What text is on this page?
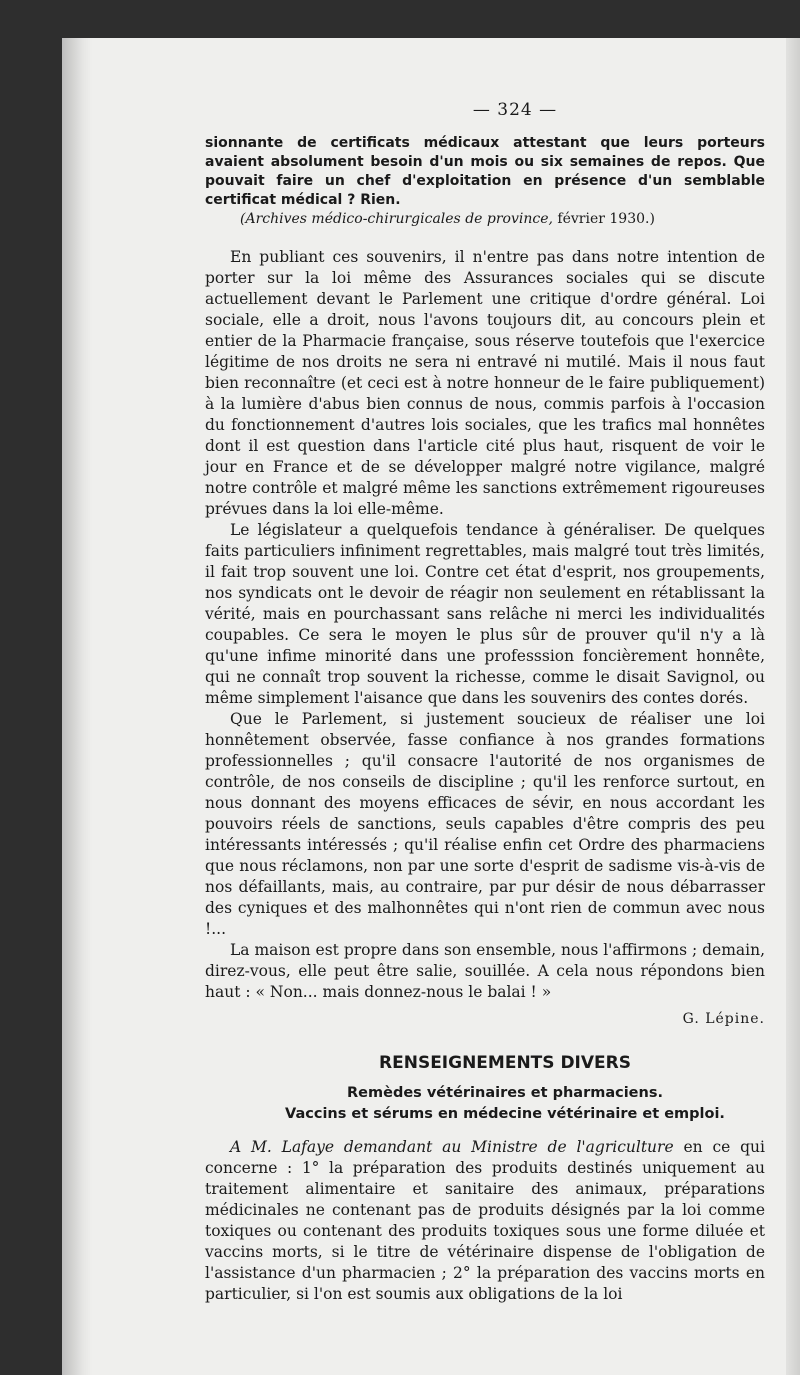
— 324 —

sionnante de certificats médicaux attestant que leurs porteurs avaient absolument besoin d'un mois ou six semaines de repos. Que pouvait faire un chef d'exploitation en présence d'un semblable certificat médical ? Rien.

(Archives médico-chirurgicales de province, février 1930.)

En publiant ces souvenirs, il n'entre pas dans notre intention de porter sur la loi même des Assurances sociales qui se discute actuellement devant le Parlement une critique d'ordre général. Loi sociale, elle a droit, nous l'avons toujours dit, au concours plein et entier de la Pharmacie française, sous réserve toutefois que l'exercice légitime de nos droits ne sera ni entravé ni mutilé. Mais il nous faut bien reconnaître (et ceci est à notre honneur de le faire publiquement) à la lumière d'abus bien connus de nous, commis parfois à l'occasion du fonctionnement d'autres lois sociales, que les trafics mal honnêtes dont il est question dans l'article cité plus haut, risquent de voir le jour en France et de se développer malgré notre vigilance, malgré notre contrôle et malgré même les sanctions extrêmement rigoureuses prévues dans la loi elle-même.

Le législateur a quelquefois tendance à généraliser. De quelques faits particuliers infiniment regrettables, mais malgré tout très limités, il fait trop souvent une loi. Contre cet état d'esprit, nos groupements, nos syndicats ont le devoir de réagir non seulement en rétablissant la vérité, mais en pourchassant sans relâche ni merci les individualités coupables. Ce sera le moyen le plus sûr de prouver qu'il n'y a là qu'une infime minorité dans une professsion foncièrement honnête, qui ne connaît trop souvent la richesse, comme le disait Savignol, ou même simplement l'aisance que dans les souvenirs des contes dorés.

Que le Parlement, si justement soucieux de réaliser une loi honnêtement observée, fasse confiance à nos grandes formations professionnelles ; qu'il consacre l'autorité de nos organismes de contrôle, de nos conseils de discipline ; qu'il les renforce surtout, en nous donnant des moyens efficaces de sévir, en nous accordant les pouvoirs réels de sanctions, seuls capables d'être compris des peu intéressants intéressés ; qu'il réalise enfin cet Ordre des pharmaciens que nous réclamons, non par une sorte d'esprit de sadisme vis-à-vis de nos défaillants, mais, au contraire, par pur désir de nous débarrasser des cyniques et des malhonnêtes qui n'ont rien de commun avec nous !...

La maison est propre dans son ensemble, nous l'affirmons ; demain, direz-vous, elle peut être salie, souillée. A cela nous répondons bien haut : « Non... mais donnez-nous le balai ! »

G. Lépine.
RENSEIGNEMENTS DIVERS
Remèdes vétérinaires et pharmaciens.
Vaccins et sérums en médecine vétérinaire et emploi.

A M. Lafaye demandant au Ministre de l'agriculture en ce qui concerne : 1° la préparation des produits destinés uniquement au traitement alimentaire et sanitaire des animaux, préparations médicinales ne contenant pas de produits désignés par la loi comme toxiques ou contenant des produits toxiques sous une forme diluée et vaccins morts, si le titre de vétérinaire dispense de l'obligation de l'assistance d'un pharmacien ; 2° la préparation des vaccins morts en particulier, si l'on est soumis aux obligations de la loi
